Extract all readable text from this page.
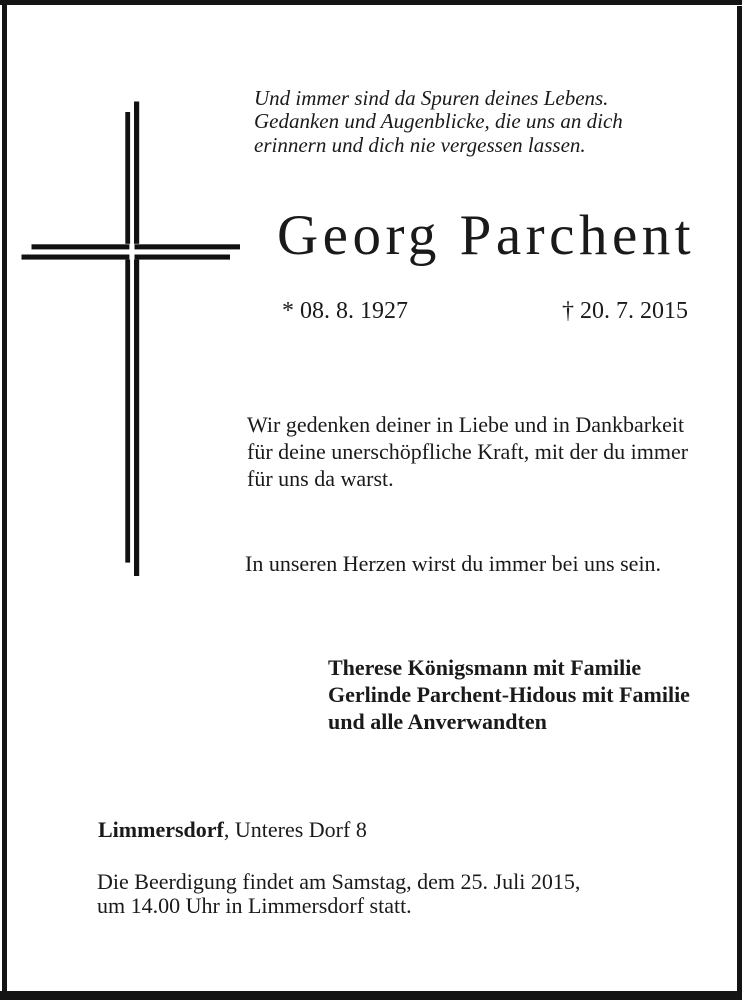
Und immer sind da Spuren deines Lebens.
Gedanken und Augenblicke, die uns an dich
erinnern und dich nie vergessen lassen.
Georg Parchent
* 08. 8. 1927	† 20. 7. 2015
Wir gedenken deiner in Liebe und in Dankbarkeit
für deine unerschöpfliche Kraft, mit der du immer
für uns da warst.
In unseren Herzen wirst du immer bei uns sein.
Therese Königsmann mit Familie
Gerlinde Parchent-Hidous mit Familie
und alle Anverwandten
Limmersdorf, Unteres Dorf 8
Die Beerdigung findet am Samstag, dem 25. Juli 2015,
um 14.00 Uhr in Limmersdorf statt.
